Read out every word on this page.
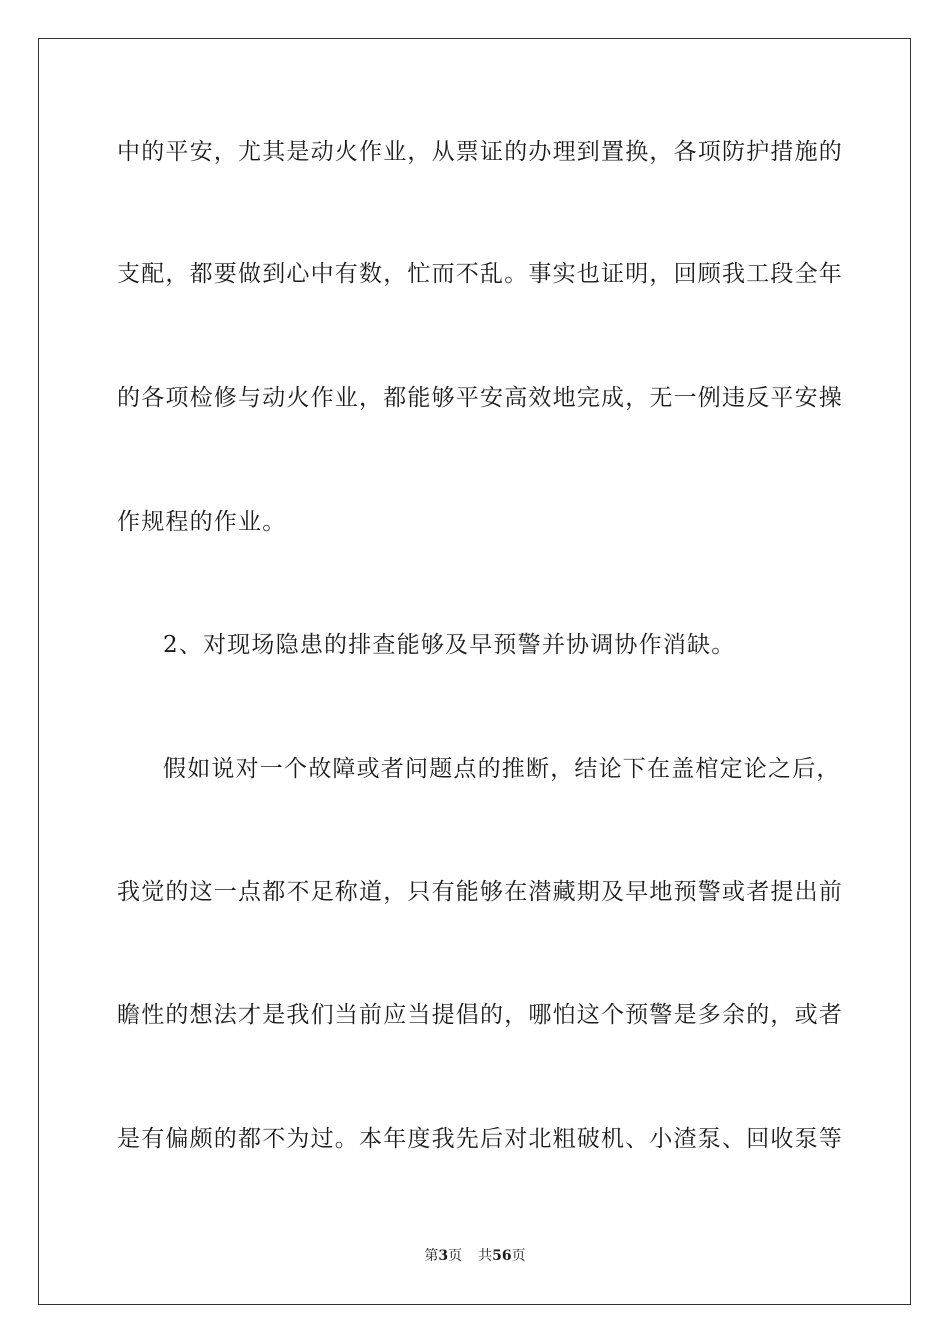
中的平安，尤其是动火作业，从票证的办理到置换，各项防护措施的
支配，都要做到心中有数，忙而不乱。事实也证明，回顾我工段全年
的各项检修与动火作业，都能够平安高效地完成，无一例违反平安操
作规程的作业。
2、对现场隐患的排查能够及早预警并协调协作消缺。
假如说对一个故障或者问题点的推断，结论下在盖棺定论之后，
我觉的这一点都不足称道，只有能够在潜藏期及早地预警或者提出前
瞻性的想法才是我们当前应当提倡的，哪怕这个预警是多余的，或者
是有偏颇的都不为过。本年度我先后对北粗破机、小渣泵、回收泵等
第3页 共56页
